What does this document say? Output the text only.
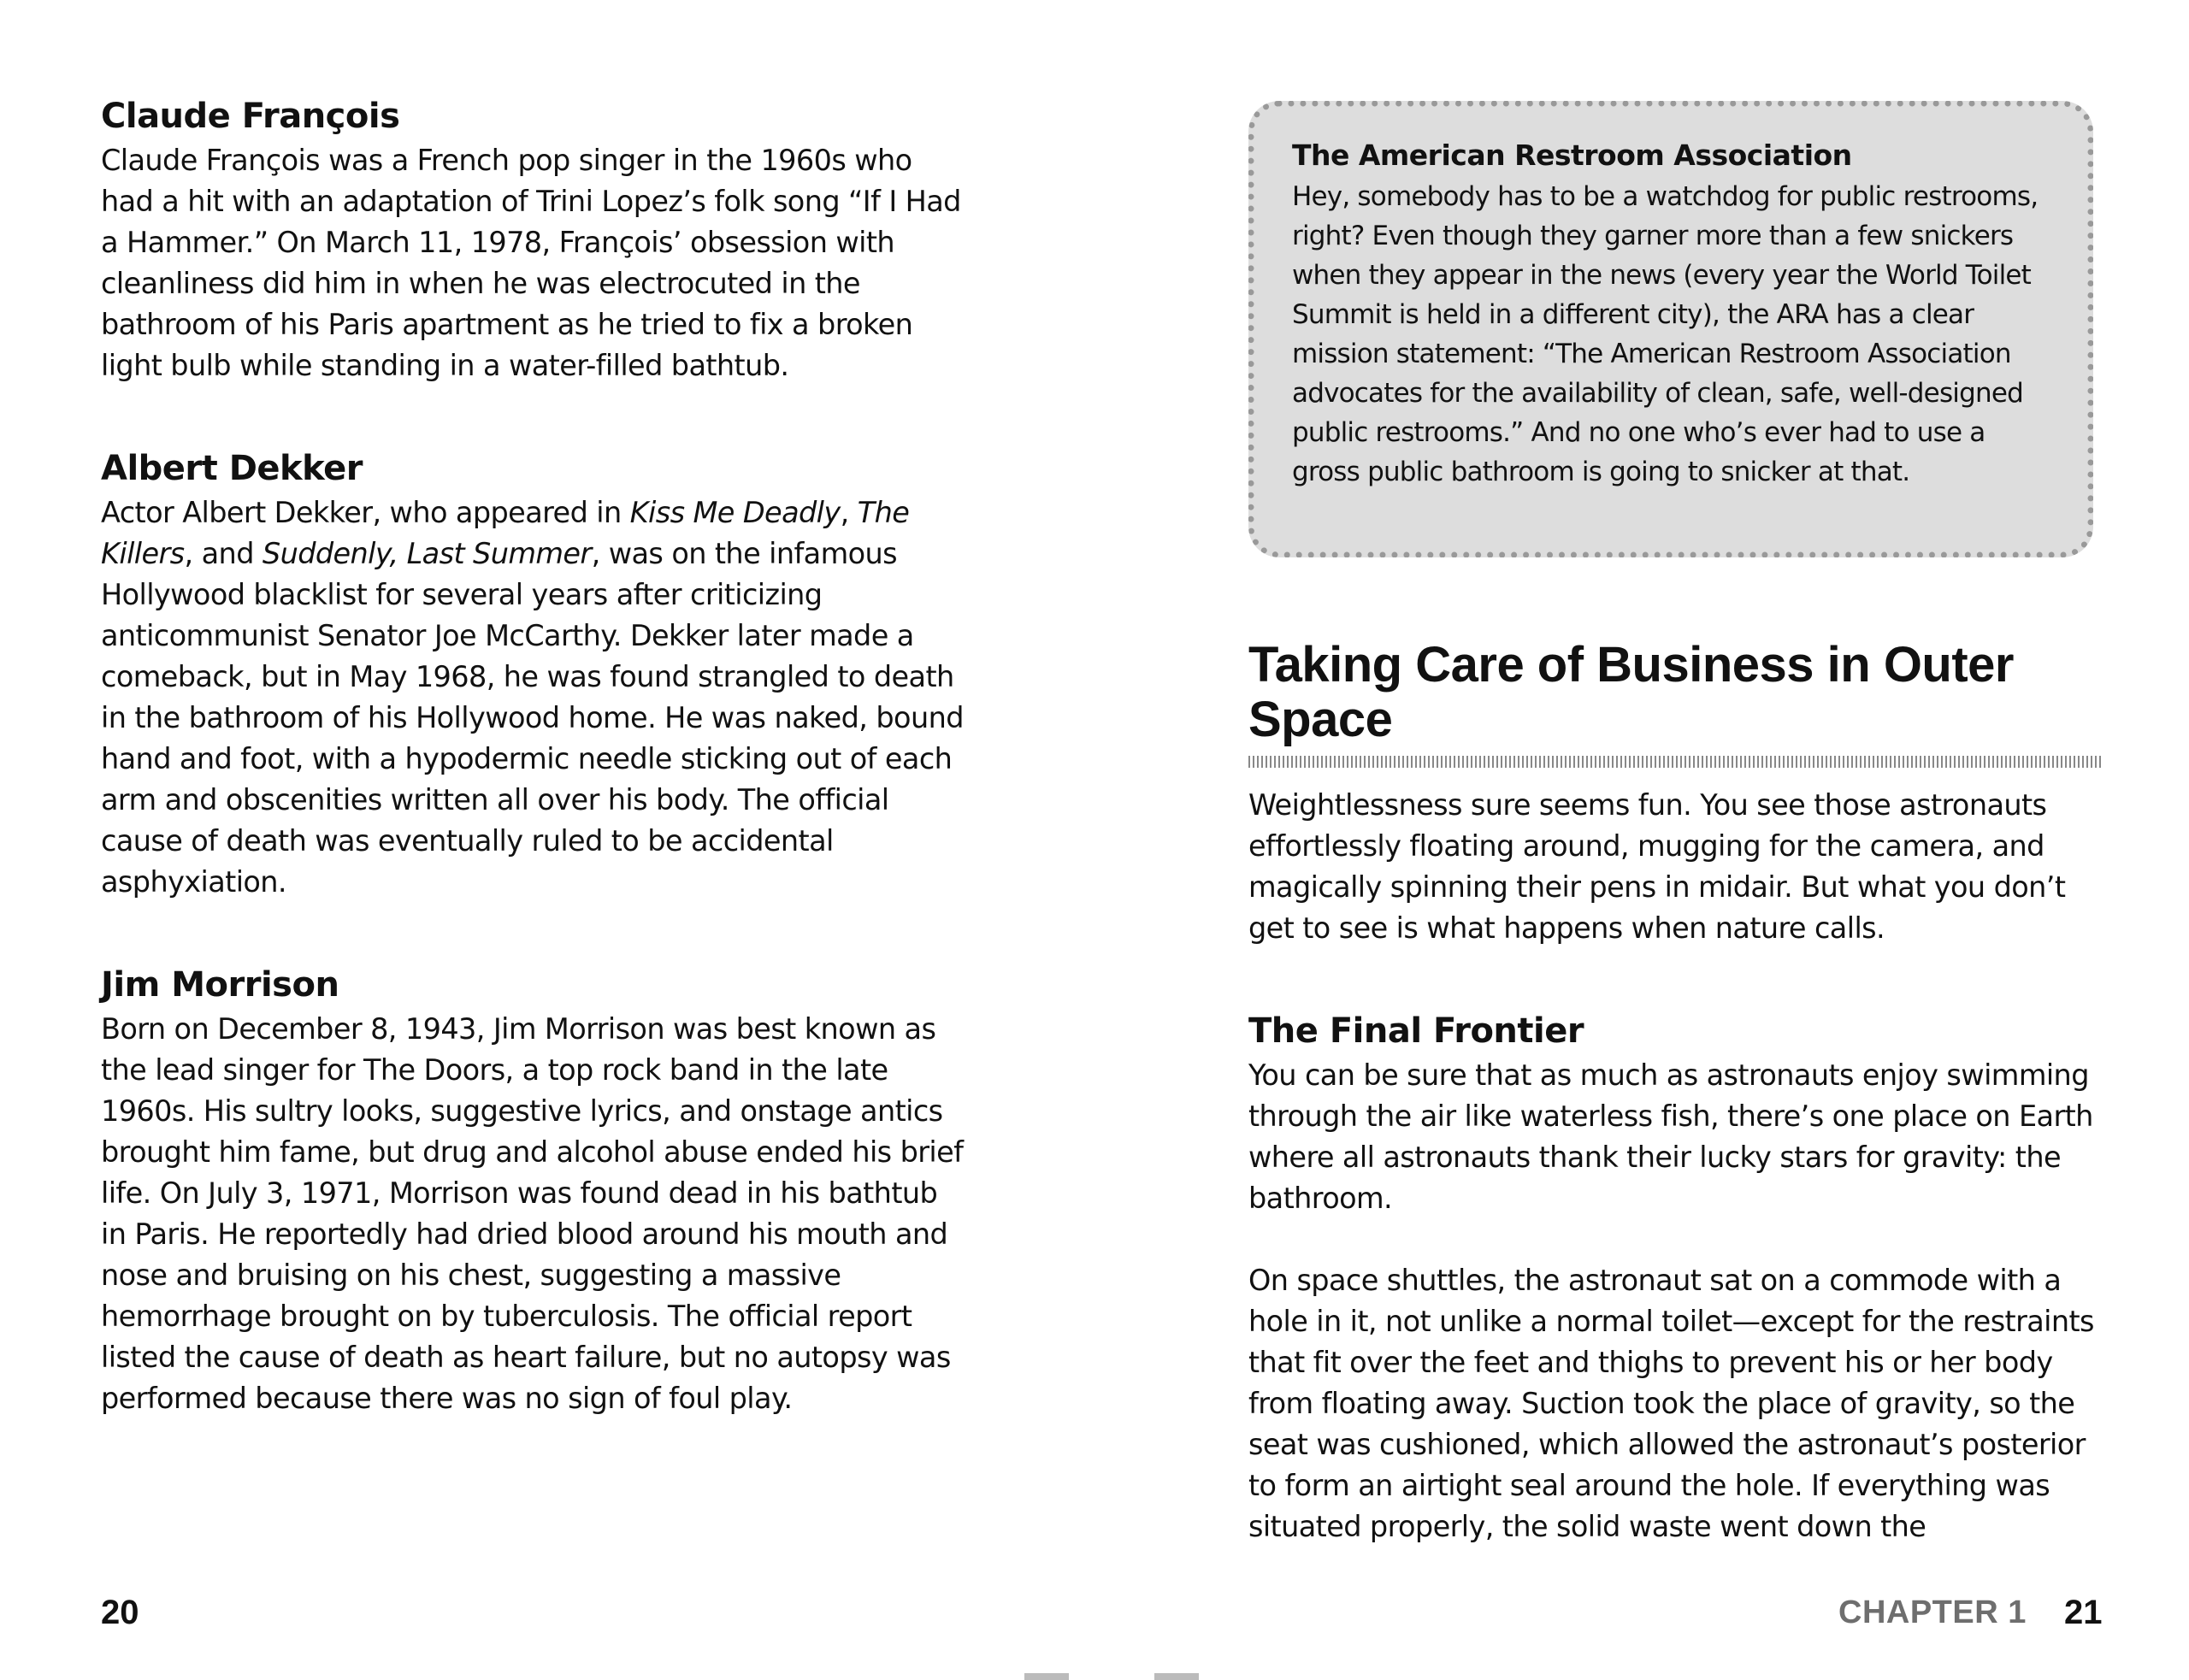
Claude François

Claude François was a French pop singer in the 1960s who had a hit with an adaptation of Trini Lopez’s folk song “If I Had a Hammer.” On March 11, 1978, François’ obsession with cleanliness did him in when he was electrocuted in the bathroom of his Paris apartment as he tried to fix a broken light bulb while standing in a water-filled bathtub.

Albert Dekker

Actor Albert Dekker, who appeared in Kiss Me Deadly, The Killers, and Suddenly, Last Summer, was on the infamous Hollywood blacklist for several years after criticizing anticommunist Senator Joe McCarthy. Dekker later made a comeback, but in May 1968, he was found strangled to death in the bathroom of his Hollywood home. He was naked, bound hand and foot, with a hypodermic needle sticking out of each arm and obscenities written all over his body. The official cause of death was eventually ruled to be accidental asphyxiation.

Jim Morrison

Born on December 8, 1943, Jim Morrison was best known as the lead singer for The Doors, a top rock band in the late 1960s. His sultry looks, suggestive lyrics, and onstage antics brought him fame, but drug and alcohol abuse ended his brief life. On July 3, 1971, Morrison was found dead in his bathtub in Paris. He reportedly had dried blood around his mouth and nose and bruising on his chest, suggesting a massive hemorrhage brought on by tuberculosis. The official report listed the cause of death as heart failure, but no autopsy was performed because there was no sign of foul play.

20
The American Restroom Association

Hey, somebody has to be a watchdog for public restrooms, right? Even though they garner more than a few snickers when they appear in the news (every year the World Toilet Summit is held in a different city), the ARA has a clear mission statement: “The American Restroom Association advocates for the availability of clean, safe, well-designed public restrooms.” And no one who’s ever had to use a gross public bathroom is going to snicker at that.

Taking Care of Business in Outer Space

Weightlessness sure seems fun. You see those astronauts effortlessly floating around, mugging for the camera, and magically spinning their pens in midair. But what you don’t get to see is what happens when nature calls.

The Final Frontier

You can be sure that as much as astronauts enjoy swimming through the air like waterless fish, there’s one place on Earth where all astronauts thank their lucky stars for gravity: the bathroom.

On space shuttles, the astronaut sat on a commode with a hole in it, not unlike a normal toilet—except for the restraints that fit over the feet and thighs to prevent his or her body from floating away. Suction took the place of gravity, so the seat was cushioned, which allowed the astronaut’s posterior to form an airtight seal around the hole. If everything was situated properly, the solid waste went down the

CHAPTER 1 21
